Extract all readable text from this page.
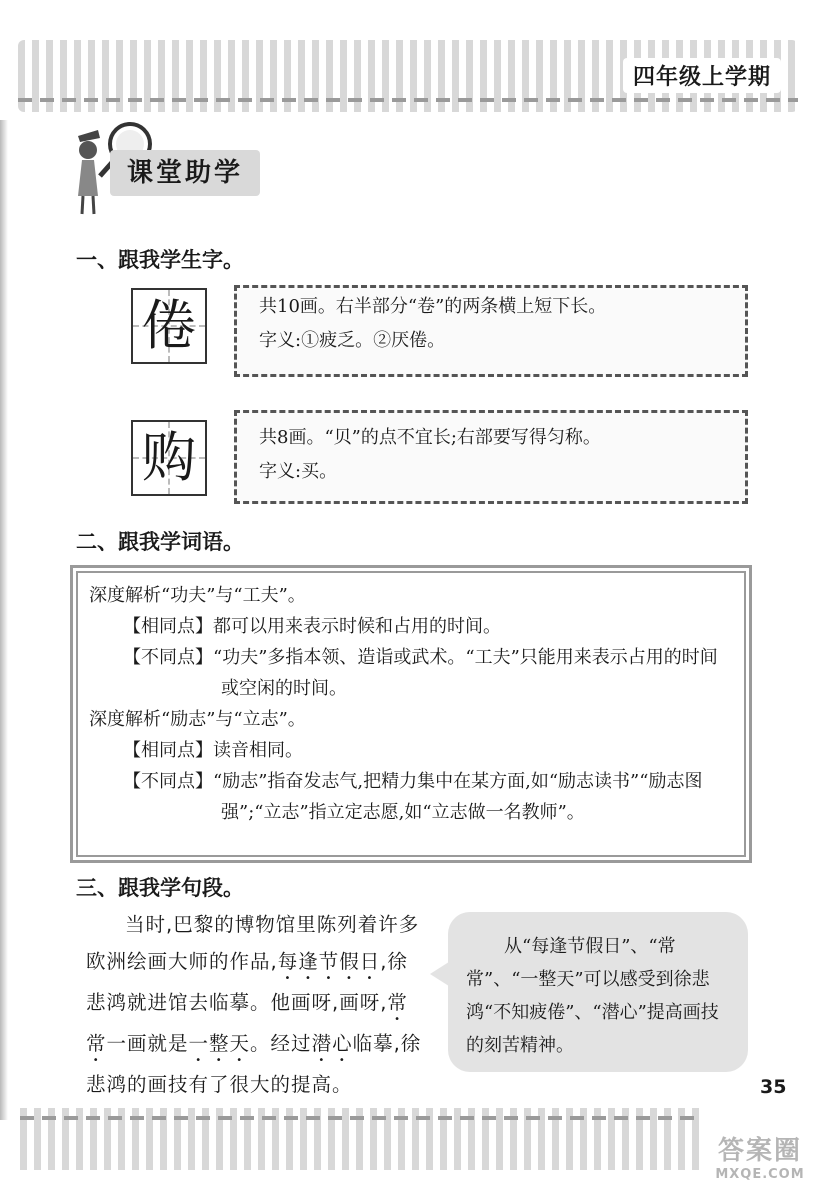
四年级上学期
课堂助学
一、跟我学生字。
倦	共10画。右半部分“卷”的两条横上短下长。
字义:①疲乏。②厌倦。
购	共8画。“贝”的点不宜长;右部要写得匀称。
字义:买。
二、跟我学词语。

深度解析“功夫”与“工夫”。

【相同点】都可以用来表示时候和占用的时间。

【不同点】“功夫”多指本领、造诣或武术。“工夫”只能用来表示占用的时间或空闲的时间。

深度解析“励志”与“立志”。

【相同点】读音相同。

【不同点】“励志”指奋发志气,把精力集中在某方面,如“励志读书”“励志图强”;“立志”指立定志愿,如“立志做一名教师”。

三、跟我学句段。
当时,巴黎的博物馆里陈列着许多欧洲绘画大师的作品,每逢节假日,徐悲鸿就进馆去临摹。他画呀,画呀,常常一画就是一整天。经过潜心临摹,徐悲鸿的画技有了很大的提高。
从“每逢节假日”、“常常”、“一整天”可以感受到徐悲鸿“不知疲倦”、“潜心”提高画技的刻苦精神。
35
答案圈
MXQE.COM
